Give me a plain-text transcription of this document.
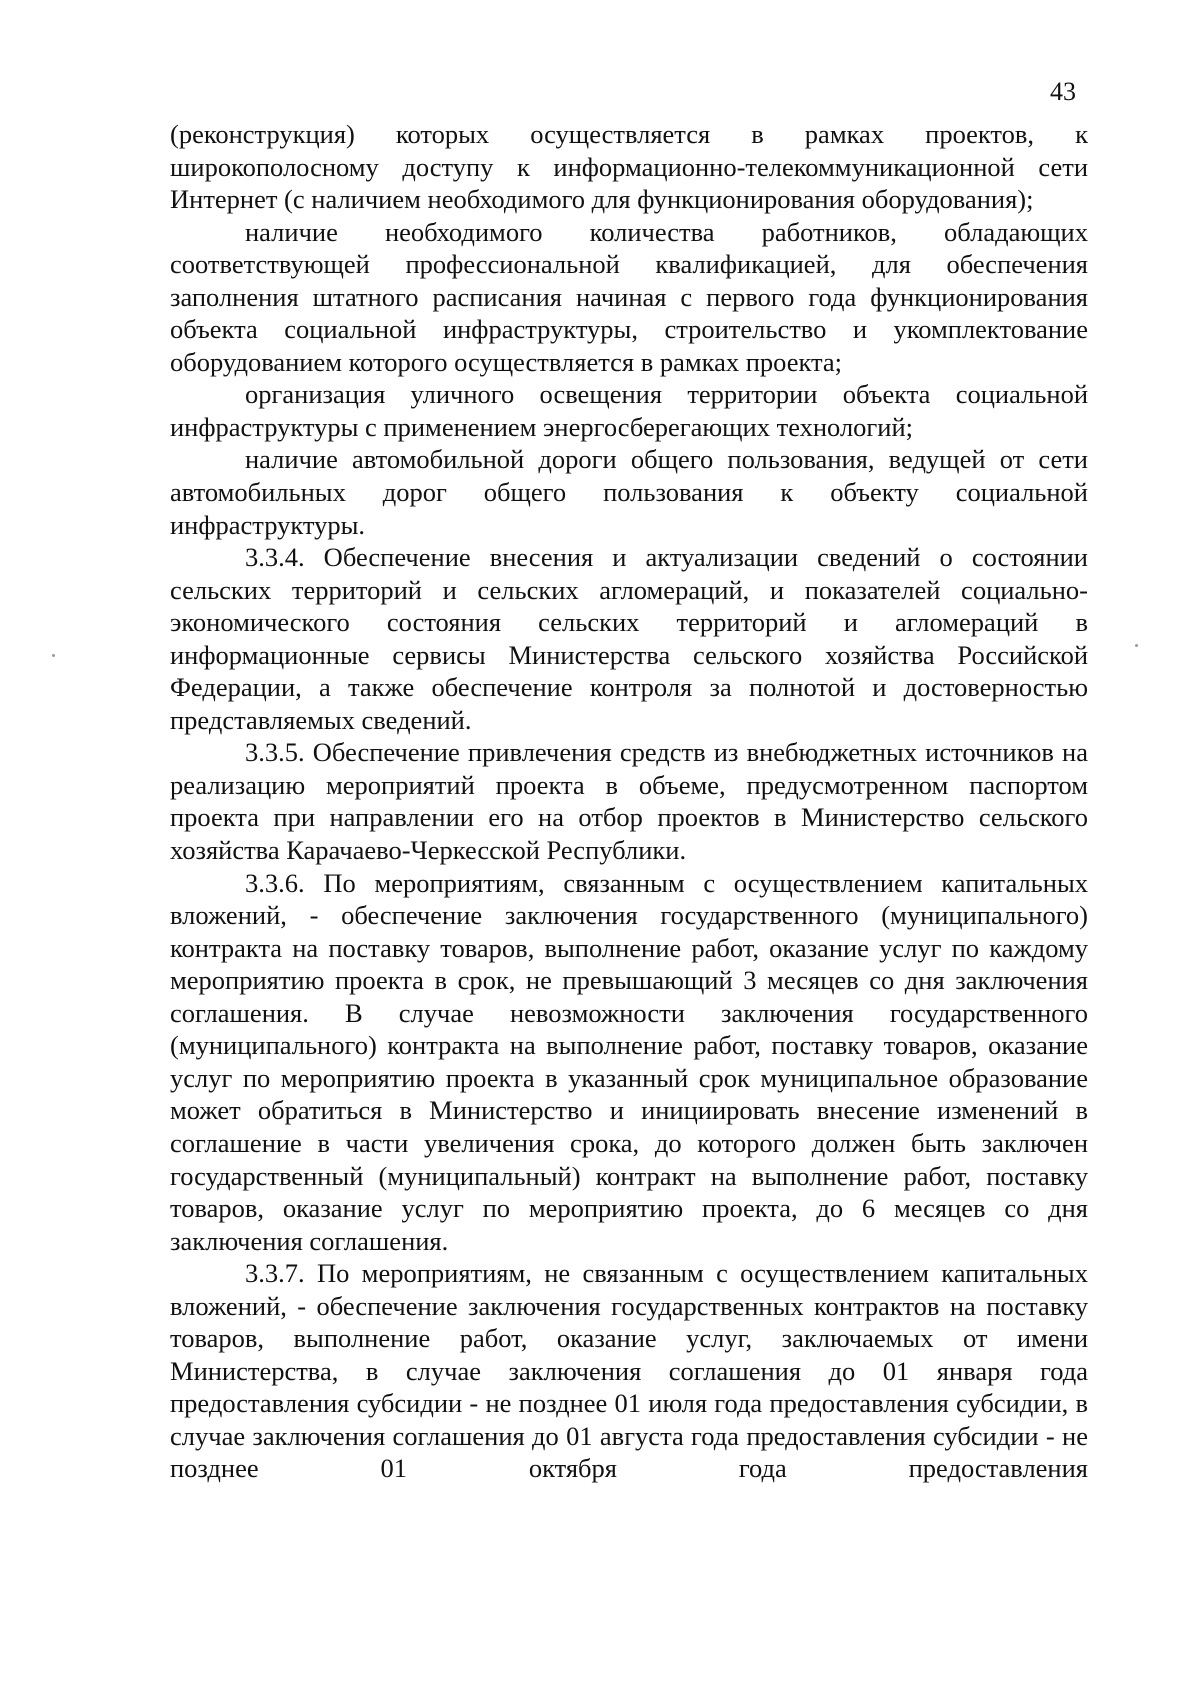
43

(реконструкция) которых осуществляется в рамках проектов, к широкополосному доступу к информационно-телекоммуникационной сети Интернет (с наличием необходимого для функционирования оборудования);

наличие необходимого количества работников, обладающих соответствующей профессиональной квалификацией, для обеспечения заполнения штатного расписания начиная с первого года функционирования объекта социальной инфраструктуры, строительство и укомплектование оборудованием которого осуществляется в рамках проекта;

организация уличного освещения территории объекта социальной инфраструктуры с применением энергосберегающих технологий;

наличие автомобильной дороги общего пользования, ведущей от сети автомобильных дорог общего пользования к объекту социальной инфраструктуры.

3.3.4. Обеспечение внесения и актуализации сведений о состоянии сельских территорий и сельских агломераций, и показателей социально-экономического состояния сельских территорий и агломераций в информационные сервисы Министерства сельского хозяйства Российской Федерации, а также обеспечение контроля за полнотой и достоверностью представляемых сведений.

3.3.5. Обеспечение привлечения средств из внебюджетных источников на реализацию мероприятий проекта в объеме, предусмотренном паспортом проекта при направлении его на отбор проектов в Министерство сельского хозяйства Карачаево-Черкесской Республики.

3.3.6. По мероприятиям, связанным с осуществлением капитальных вложений, - обеспечение заключения государственного (муниципального) контракта на поставку товаров, выполнение работ, оказание услуг по каждому мероприятию проекта в срок, не превышающий 3 месяцев со дня заключения соглашения. В случае невозможности заключения государственного (муниципального) контракта на выполнение работ, поставку товаров, оказание услуг по мероприятию проекта в указанный срок муниципальное образование может обратиться в Министерство и инициировать внесение изменений в соглашение в части увеличения срока, до которого должен быть заключен государственный (муниципальный) контракт на выполнение работ, поставку товаров, оказание услуг по мероприятию проекта, до 6 месяцев со дня заключения соглашения.

3.3.7. По мероприятиям, не связанным с осуществлением капитальных вложений, - обеспечение заключения государственных контрактов на поставку товаров, выполнение работ, оказание услуг, заключаемых от имени Министерства, в случае заключения соглашения до 01 января года предоставления субсидии - не позднее 01 июля года предоставления субсидии, в случае заключения соглашения до 01 августа года предоставления субсидии - не позднее 01 октября года предоставления
